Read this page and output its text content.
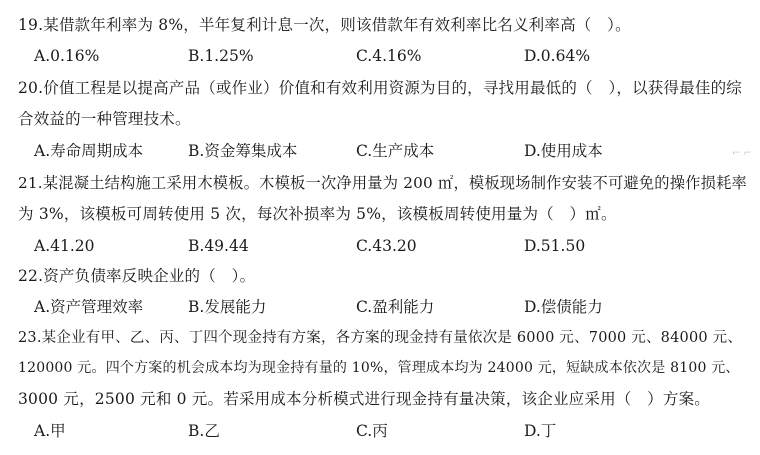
19.某借款年利率为 8%，半年复利计息一次，则该借款年有效利率比名义利率高（　）。
A.0.16%	B.1.25%	C.4.16%	D.0.64%
20.价值工程是以提高产品（或作业）价值和有效利用资源为目的，寻找用最低的（　），以获得最佳的综
合效益的一种管理技术。
A.寿命周期成本	B.资金筹集成本	C.生产成本	D.使用成本
21.某混凝土结构施工采用木模板。木模板一次净用量为 200 ㎡，模板现场制作安装不可避免的操作损耗率
为 3%，该模板可周转使用 5 次，每次补损率为 5%，该模板周转使用量为（　）㎡。
A.41.20	B.49.44	C.43.20	D.51.50
22.资产负债率反映企业的（　）。
A.资产管理效率	B.发展能力	C.盈利能力	D.偿债能力
23.某企业有甲、乙、丙、丁四个现金持有方案，各方案的现金持有量依次是 6000 元、7000 元、84000 元、
120000 元。四个方案的机会成本均为现金持有量的 10%，管理成本均为 24000 元，短缺成本依次是 8100 元、
3000 元，2500 元和 0 元。若采用成本分析模式进行现金持有量决策，该企业应采用（　）方案。
A.甲	B.乙	C.丙	D.丁
⌐ ⌐
